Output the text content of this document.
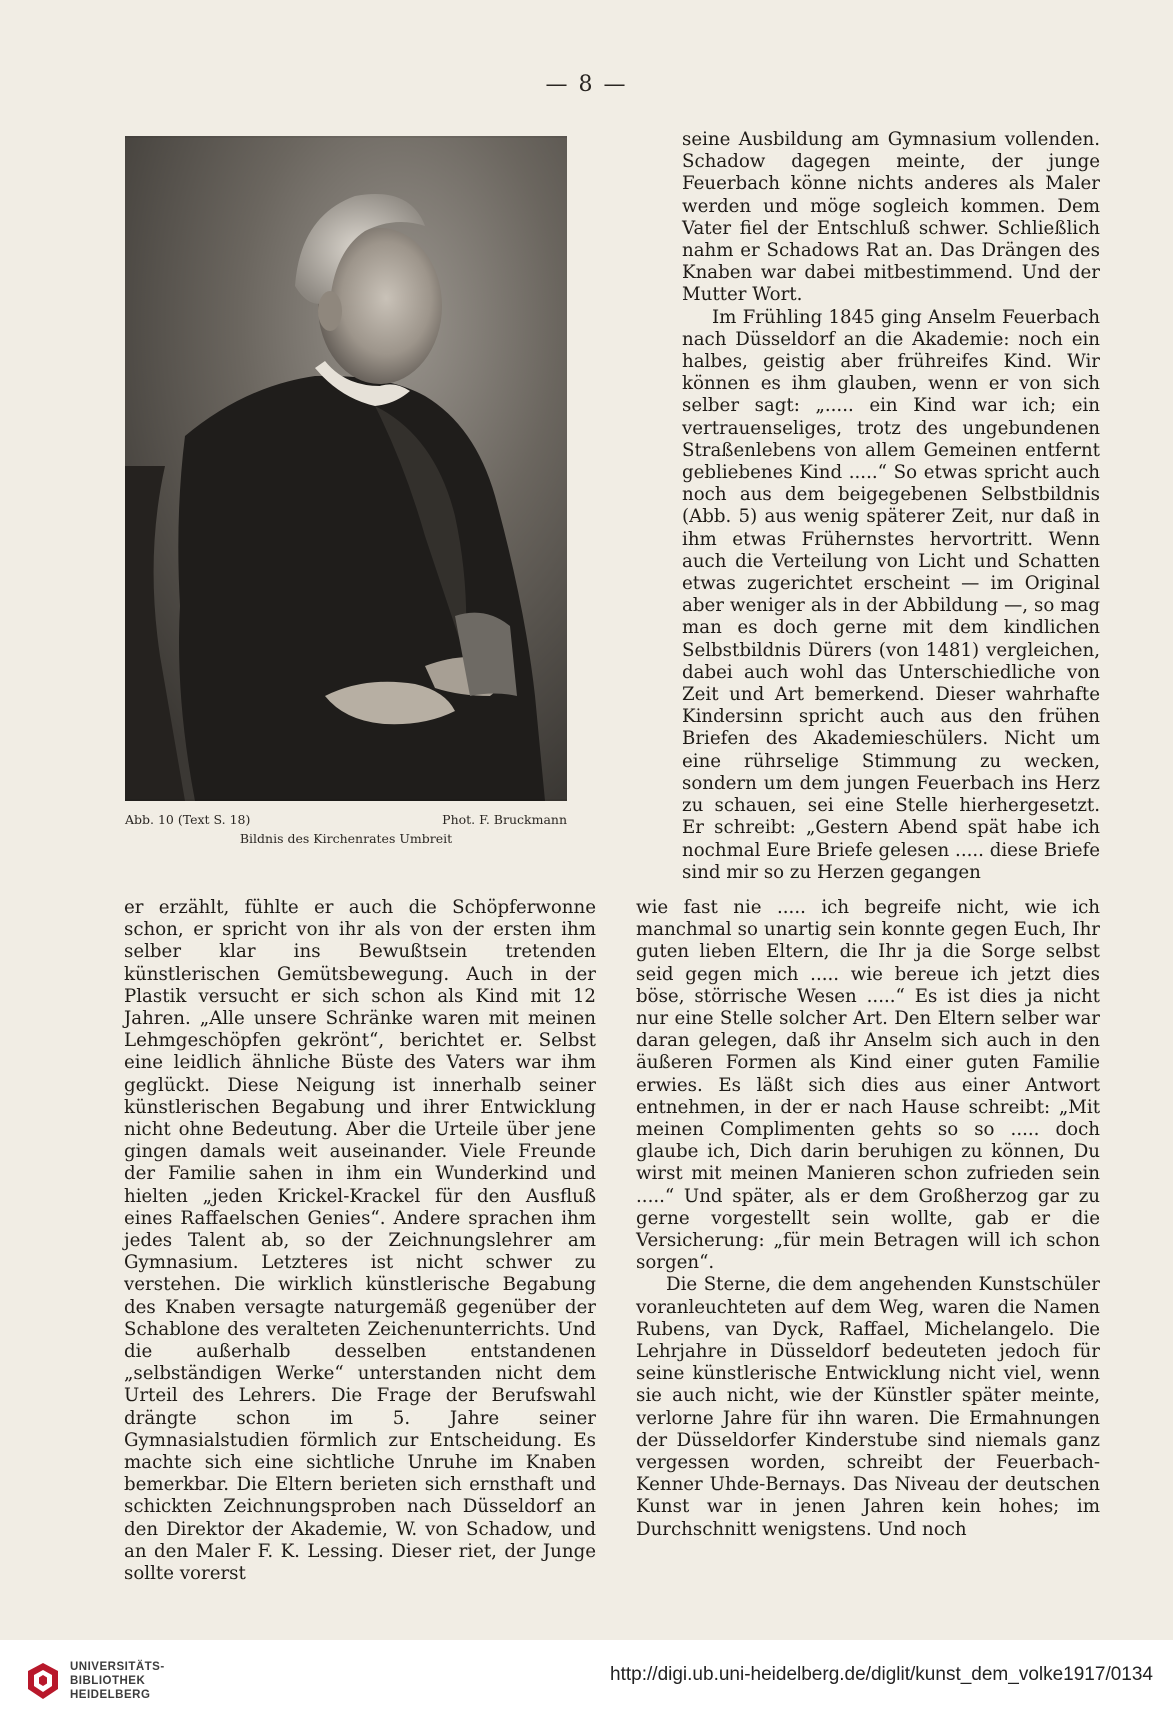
— 8 —
Abb. 10 (Text S. 18)	Phot. F. Bruckmann
Bildnis des Kirchenrates Umbreit

seine Ausbildung am Gymnasium vollenden. Schadow dagegen meinte, der junge Feuerbach könne nichts anderes als Maler werden und möge sogleich kommen. Dem Vater fiel der Entschluß schwer. Schließlich nahm er Schadows Rat an. Das Drängen des Knaben war dabei mitbestimmend. Und der Mutter Wort.

Im Frühling 1845 ging Anselm Feuerbach nach Düsseldorf an die Akademie: noch ein halbes, geistig aber frühreifes Kind. Wir können es ihm glauben, wenn er von sich selber sagt: „..... ein Kind war ich; ein vertrauenseliges, trotz des ungebundenen Straßenlebens von allem Gemeinen entfernt gebliebenes Kind .....“ So etwas spricht auch noch aus dem beigegebenen Selbstbildnis (Abb. 5) aus wenig späterer Zeit, nur daß in ihm etwas Frühernstes hervortritt. Wenn auch die Verteilung von Licht und Schatten etwas zugerichtet erscheint — im Original aber weniger als in der Abbildung —, so mag man es doch gerne mit dem kindlichen Selbstbildnis Dürers (von 1481) vergleichen, dabei auch wohl das Unterschiedliche von Zeit und Art bemerkend. Dieser wahrhafte Kindersinn spricht auch aus den frühen Briefen des Akademieschülers. Nicht um eine rührselige Stimmung zu wecken, sondern um dem jungen Feuerbach ins Herz zu schauen, sei eine Stelle hierhergesetzt. Er schreibt: „Gestern Abend spät habe ich nochmal Eure Briefe gelesen ..... diese Briefe sind mir so zu Herzen gegangen

er erzählt, fühlte er auch die Schöpferwonne schon, er spricht von ihr als von der ersten ihm selber klar ins Bewußtsein tretenden künstlerischen Gemütsbewegung. Auch in der Plastik versucht er sich schon als Kind mit 12 Jahren. „Alle unsere Schränke waren mit meinen Lehmgeschöpfen gekrönt“, berichtet er. Selbst eine leidlich ähnliche Büste des Vaters war ihm geglückt. Diese Neigung ist innerhalb seiner künstlerischen Begabung und ihrer Entwicklung nicht ohne Bedeutung. Aber die Urteile über jene gingen damals weit auseinander. Viele Freunde der Familie sahen in ihm ein Wunderkind und hielten „jeden Krickel-Krackel für den Ausfluß eines Raffaelschen Genies“. Andere sprachen ihm jedes Talent ab, so der Zeichnungslehrer am Gymnasium. Letzteres ist nicht schwer zu verstehen. Die wirklich künstlerische Begabung des Knaben versagte naturgemäß gegenüber der Schablone des veralteten Zeichenunterrichts. Und die außerhalb desselben entstandenen „selbständigen Werke“ unterstanden nicht dem Urteil des Lehrers. Die Frage der Berufswahl drängte schon im 5. Jahre seiner Gymnasialstudien förmlich zur Entscheidung. Es machte sich eine sichtliche Unruhe im Knaben bemerkbar. Die Eltern berieten sich ernsthaft und schickten Zeichnungsproben nach Düsseldorf an den Direktor der Akademie, W. von Schadow, und an den Maler F. K. Lessing. Dieser riet, der Junge sollte vorerst

wie fast nie ..... ich begreife nicht, wie ich manchmal so unartig sein konnte gegen Euch, Ihr guten lieben Eltern, die Ihr ja die Sorge selbst seid gegen mich ..... wie bereue ich jetzt dies böse, störrische Wesen .....“ Es ist dies ja nicht nur eine Stelle solcher Art. Den Eltern selber war daran gelegen, daß ihr Anselm sich auch in den äußeren Formen als Kind einer guten Familie erwies. Es läßt sich dies aus einer Antwort entnehmen, in der er nach Hause schreibt: „Mit meinen Complimenten gehts so so ..... doch glaube ich, Dich darin beruhigen zu können, Du wirst mit meinen Manieren schon zufrieden sein .....“ Und später, als er dem Großherzog gar zu gerne vorgestellt sein wollte, gab er die Versicherung: „für mein Betragen will ich schon sorgen“.

Die Sterne, die dem angehenden Kunstschüler voranleuchteten auf dem Weg, waren die Namen Rubens, van Dyck, Raffael, Michelangelo. Die Lehrjahre in Düsseldorf bedeuteten jedoch für seine künstlerische Entwicklung nicht viel, wenn sie auch nicht, wie der Künstler später meinte, verlorne Jahre für ihn waren. Die Ermahnungen der Düsseldorfer Kinderstube sind niemals ganz vergessen worden, schreibt der Feuerbach-Kenner Uhde-Bernays. Das Niveau der deutschen Kunst war in jenen Jahren kein hohes; im Durchschnitt wenigstens. Und noch

UNIVERSITÄTS-
BIBLIOTHEK
HEIDELBERG
http://digi.ub.uni-heidelberg.de/diglit/kunst_dem_volke1917/0134
